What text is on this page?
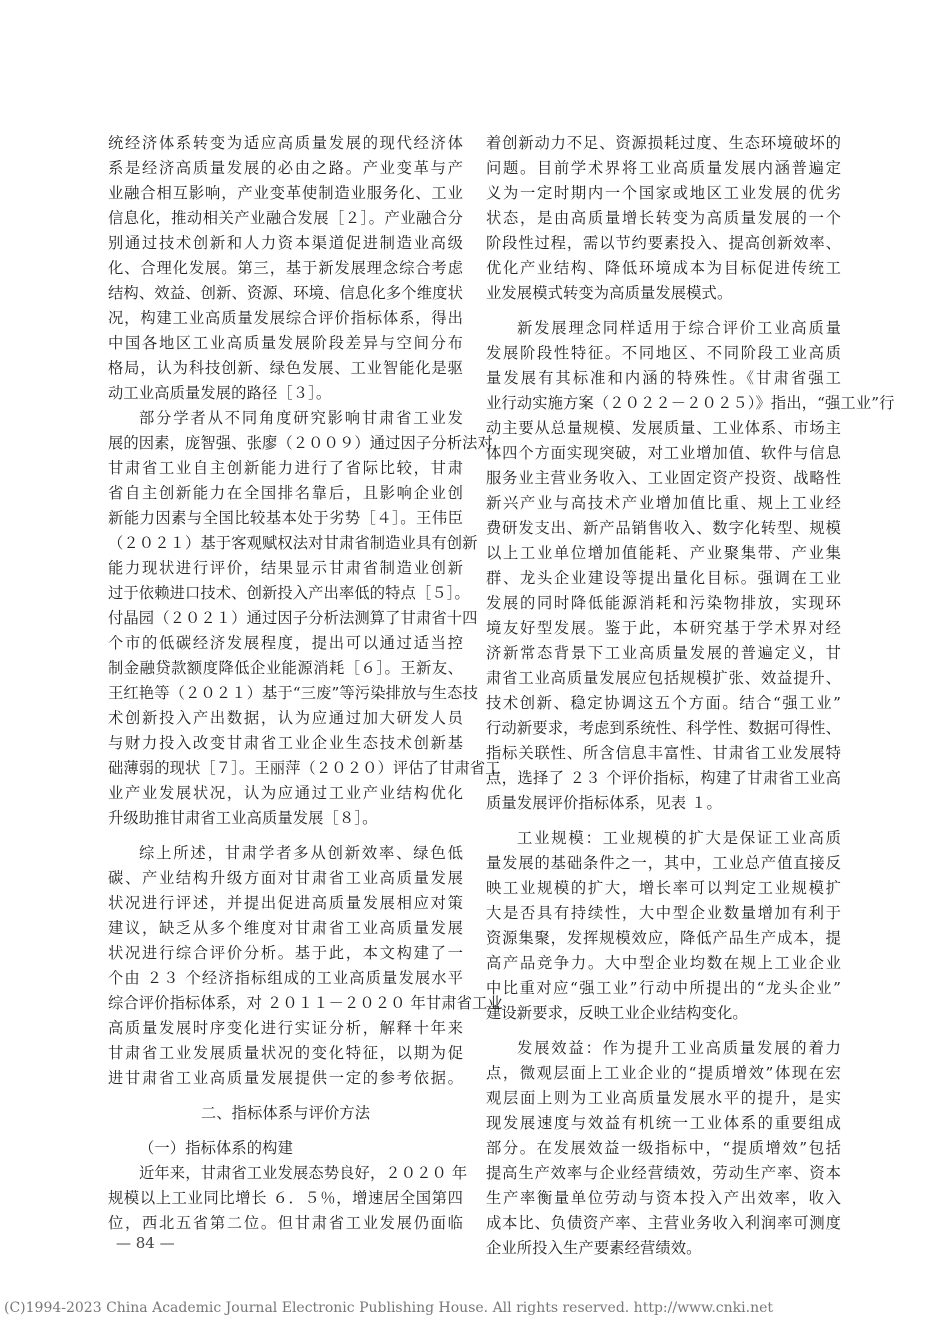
统经济体系转变为适应高质量发展的现代经济体
系是经济高质量发展的必由之路。产业变革与产
业融合相互影响，产业变革使制造业服务化、工业
信息化，推动相关产业融合发展［２］。产业融合分
别通过技术创新和人力资本渠道促进制造业高级
化、合理化发展。第三，基于新发展理念综合考虑
结构、效益、创新、资源、环境、信息化多个维度状
况，构建工业高质量发展综合评价指标体系，得出
中国各地区工业高质量发展阶段差异与空间分布
格局，认为科技创新、绿色发展、工业智能化是驱
动工业高质量发展的路径［３］。
部分学者从不同角度研究影响甘肃省工业发
展的因素，庞智强、张廖（２００９）通过因子分析法对
甘肃省工业自主创新能力进行了省际比较，甘肃
省自主创新能力在全国排名靠后，且影响企业创
新能力因素与全国比较基本处于劣势［４］。王伟臣
（２０２１）基于客观赋权法对甘肃省制造业具有创新
能力现状进行评价，结果显示甘肃省制造业创新
过于依赖进口技术、创新投入产出率低的特点［５］。
付晶园（２０２１）通过因子分析法测算了甘肃省十四
个市的低碳经济发展程度，提出可以通过适当控
制金融贷款额度降低企业能源消耗［６］。王新友、
王红艳等（２０２１）基于“三废”等污染排放与生态技
术创新投入产出数据，认为应通过加大研发人员
与财力投入改变甘肃省工业企业生态技术创新基
础薄弱的现状［７］。王丽萍（２０２０）评估了甘肃省工
业产业发展状况，认为应通过工业产业结构优化
升级助推甘肃省工业高质量发展［８］。
综上所述，甘肃学者多从创新效率、绿色低
碳、产业结构升级方面对甘肃省工业高质量发展
状况进行评述，并提出促进高质量发展相应对策
建议，缺乏从多个维度对甘肃省工业高质量发展
状况进行综合评价分析。基于此，本文构建了一
个由 ２３ 个经济指标组成的工业高质量发展水平
综合评价指标体系，对 ２０１１－２０２０ 年甘肃省工业
高质量发展时序变化进行实证分析，解释十年来
甘肃省工业发展质量状况的变化特征，以期为促
进甘肃省工业高质量发展提供一定的参考依据。
二、指标体系与评价方法
（一）指标体系的构建
近年来，甘肃省工业发展态势良好，２０２０ 年
规模以上工业同比增长 ６．５％，增速居全国第四
位，西北五省第二位。但甘肃省工业发展仍面临
着创新动力不足、资源损耗过度、生态环境破坏的
问题。目前学术界将工业高质量发展内涵普遍定
义为一定时期内一个国家或地区工业发展的优劣
状态，是由高质量增长转变为高质量发展的一个
阶段性过程，需以节约要素投入、提高创新效率、
优化产业结构、降低环境成本为目标促进传统工
业发展模式转变为高质量发展模式。
新发展理念同样适用于综合评价工业高质量
发展阶段性特征。不同地区、不同阶段工业高质
量发展有其标准和内涵的特殊性。《甘肃省强工
业行动实施方案（２０２２－２０２５）》指出，“强工业”行
动主要从总量规模、发展质量、工业体系、市场主
体四个方面实现突破，对工业增加值、软件与信息
服务业主营业务收入、工业固定资产投资、战略性
新兴产业与高技术产业增加值比重、规上工业经
费研发支出、新产品销售收入、数字化转型、规模
以上工业单位增加值能耗、产业聚集带、产业集
群、龙头企业建设等提出量化目标。强调在工业
发展的同时降低能源消耗和污染物排放，实现环
境友好型发展。鉴于此，本研究基于学术界对经
济新常态背景下工业高质量发展的普遍定义，甘
肃省工业高质量发展应包括规模扩张、效益提升、
技术创新、稳定协调这五个方面。结合“强工业”
行动新要求，考虑到系统性、科学性、数据可得性、
指标关联性、所含信息丰富性、甘肃省工业发展特
点，选择了 ２３ 个评价指标，构建了甘肃省工业高
质量发展评价指标体系，见表 １。
工业规模：工业规模的扩大是保证工业高质
量发展的基础条件之一，其中，工业总产值直接反
映工业规模的扩大，增长率可以判定工业规模扩
大是否具有持续性，大中型企业数量增加有利于
资源集聚，发挥规模效应，降低产品生产成本，提
高产品竞争力。大中型企业均数在规上工业企业
中比重对应“强工业”行动中所提出的“龙头企业”
建设新要求，反映工业企业结构变化。
发展效益：作为提升工业高质量发展的着力
点，微观层面上工业企业的“提质增效”体现在宏
观层面上则为工业高质量发展水平的提升，是实
现发展速度与效益有机统一工业体系的重要组成
部分。在发展效益一级指标中，“提质增效”包括
提高生产效率与企业经营绩效，劳动生产率、资本
生产率衡量单位劳动与资本投入产出效率，收入
成本比、负债资产率、主营业务收入利润率可测度
企业所投入生产要素经营绩效。
— 84 —
(C)1994-2023 China Academic Journal Electronic Publishing House. All rights reserved. http://www.cnki.net
